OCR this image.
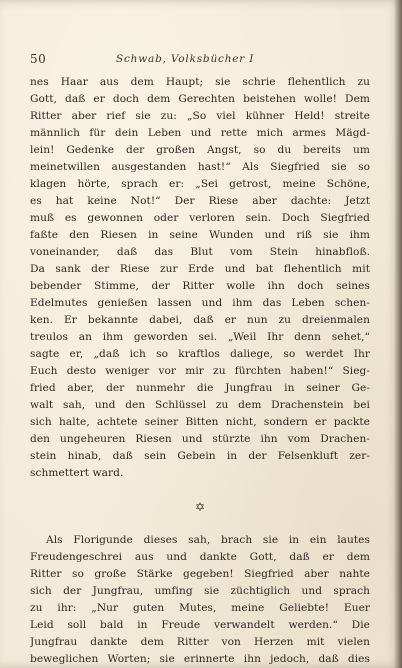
50	Schwab, Volksbücher I
nes Haar aus dem Haupt; sie schrie flehentlich zu
Gott, daß er doch dem Gerechten beistehen wolle! Dem
Ritter aber rief sie zu: „So viel kühner Held! streite
männlich für dein Leben und rette mich armes Mägd-
lein! Gedenke der großen Angst, so du bereits um
meinetwillen ausgestanden hast!“ Als Siegfried sie so
klagen hörte, sprach er: „Sei getrost, meine Schöne,
es hat keine Not!“ Der Riese aber dachte: Jetzt
muß es gewonnen oder verloren sein. Doch Siegfried
faßte den Riesen in seine Wunden und riß sie ihm
voneinander, daß das Blut vom Stein hinabfloß.
Da sank der Riese zur Erde und bat flehentlich mit
bebender Stimme, der Ritter wolle ihn doch seines
Edelmutes genießen lassen und ihm das Leben schen-
ken. Er bekannte dabei, daß er nun zu dreienmalen
treulos an ihm geworden sei. „Weil Ihr denn sehet,“
sagte er, „daß ich so kraftlos daliege, so werdet Ihr
Euch desto weniger vor mir zu fürchten haben!“ Sieg-
fried aber, der nunmehr die Jungfrau in seiner Ge-
walt sah, und den Schlüssel zu dem Drachenstein bei
sich halte, achtete seiner Bitten nicht, sondern er packte
den ungeheuren Riesen und stürzte ihn vom Drachen-
stein hinab, daß sein Gebein in der Felsenkluft zer-
schmettert ward.
✡
Als Florigunde dieses sah, brach sie in ein lautes
Freudengeschrei aus und dankte Gott, daß er dem
Ritter so große Stärke gegeben! Siegfried aber nahte
sich der Jungfrau, umfing sie züchtiglich und sprach
zu ihr: „Nur guten Mutes, meine Geliebte! Euer
Leid soll bald in Freude verwandelt werden.“ Die
Jungfrau dankte dem Ritter von Herzen mit vielen
beweglichen Worten; sie erinnerte ihn jedoch, daß dies
